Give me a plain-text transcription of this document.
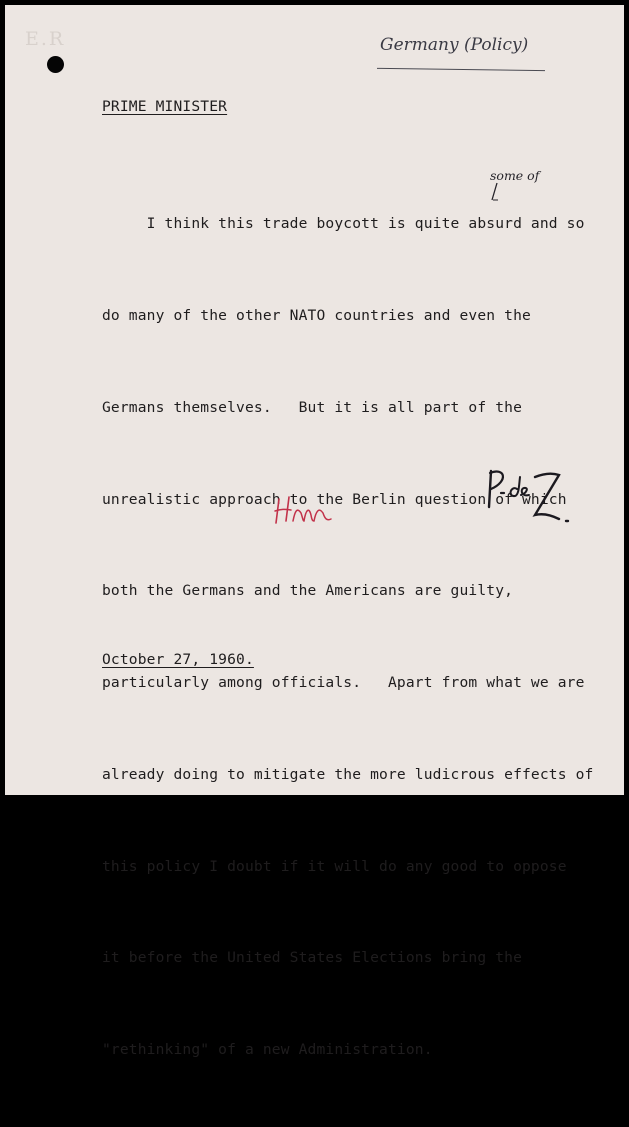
E.R	Germany (Policy)
PRIME MINISTER
some of

I think this trade boycott is quite absurd and so

do many of the other NATO countries and even the

Germans themselves.   But it is all part of the

unrealistic approach to the Berlin question of which

both the Germans and the Americans are guilty,

particularly among officials.   Apart from what we are

already doing to mitigate the more ludicrous effects of

this policy I doubt if it will do any good to oppose

it before the United States Elections bring the

"rethinking" of a new Administration.

October 27, 1960.
